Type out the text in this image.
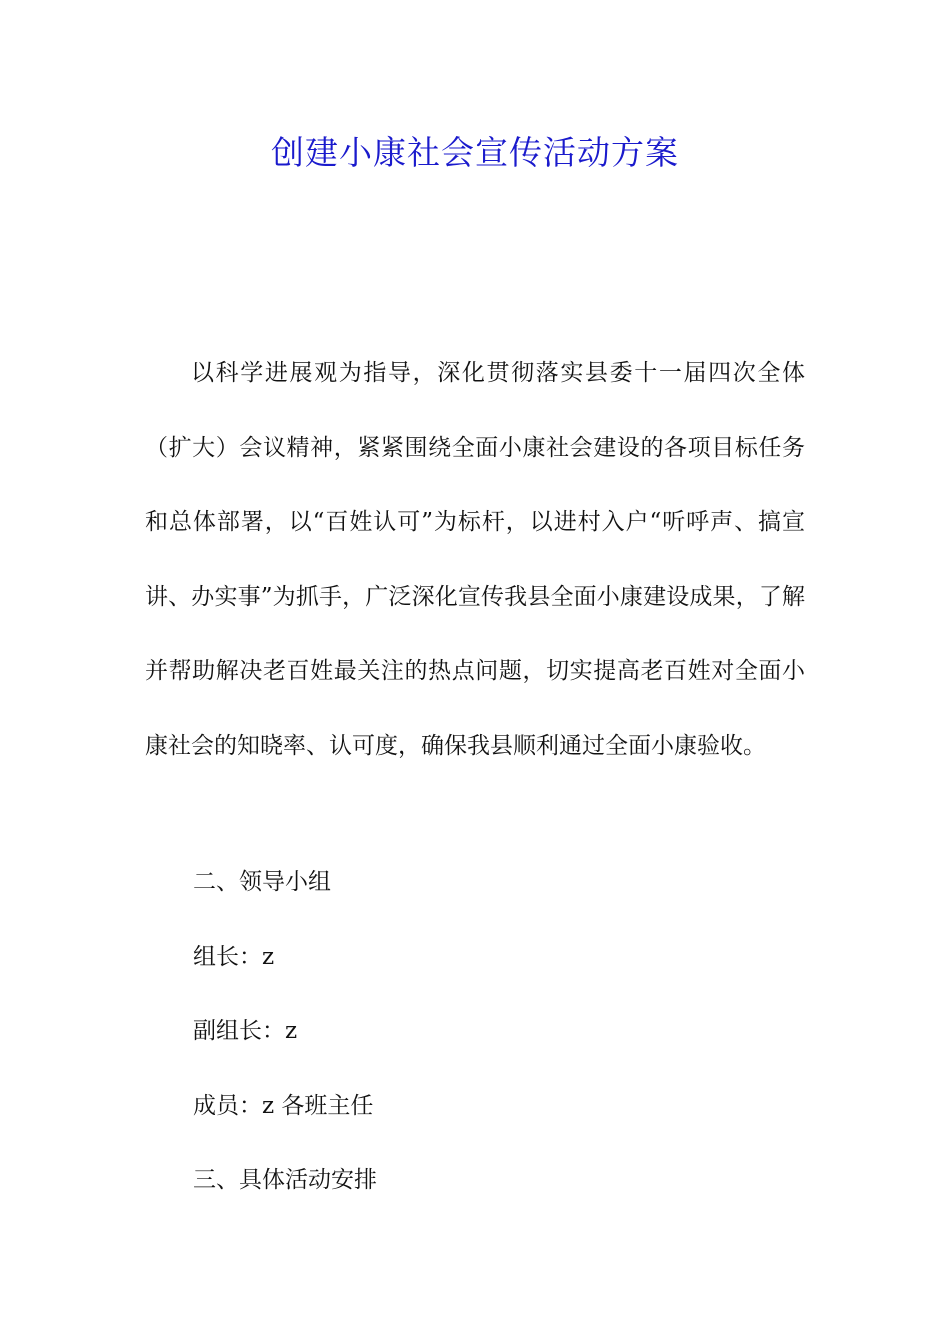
创建小康社会宣传活动方案

以科学进展观为指导，深化贯彻落实县委十一届四次全体（扩大）会议精神，紧紧围绕全面小康社会建设的各项目标任务和总体部署，以“百姓认可”为标杆，以进村入户“听呼声、搞宣讲、办实事”为抓手，广泛深化宣传我县全面小康建设成果，了解并帮助解决老百姓最关注的热点问题，切实提高老百姓对全面小康社会的知晓率、认可度，确保我县顺利通过全面小康验收。

二、领导小组

组长：z

副组长：z

成员：z 各班主任

三、具体活动安排
